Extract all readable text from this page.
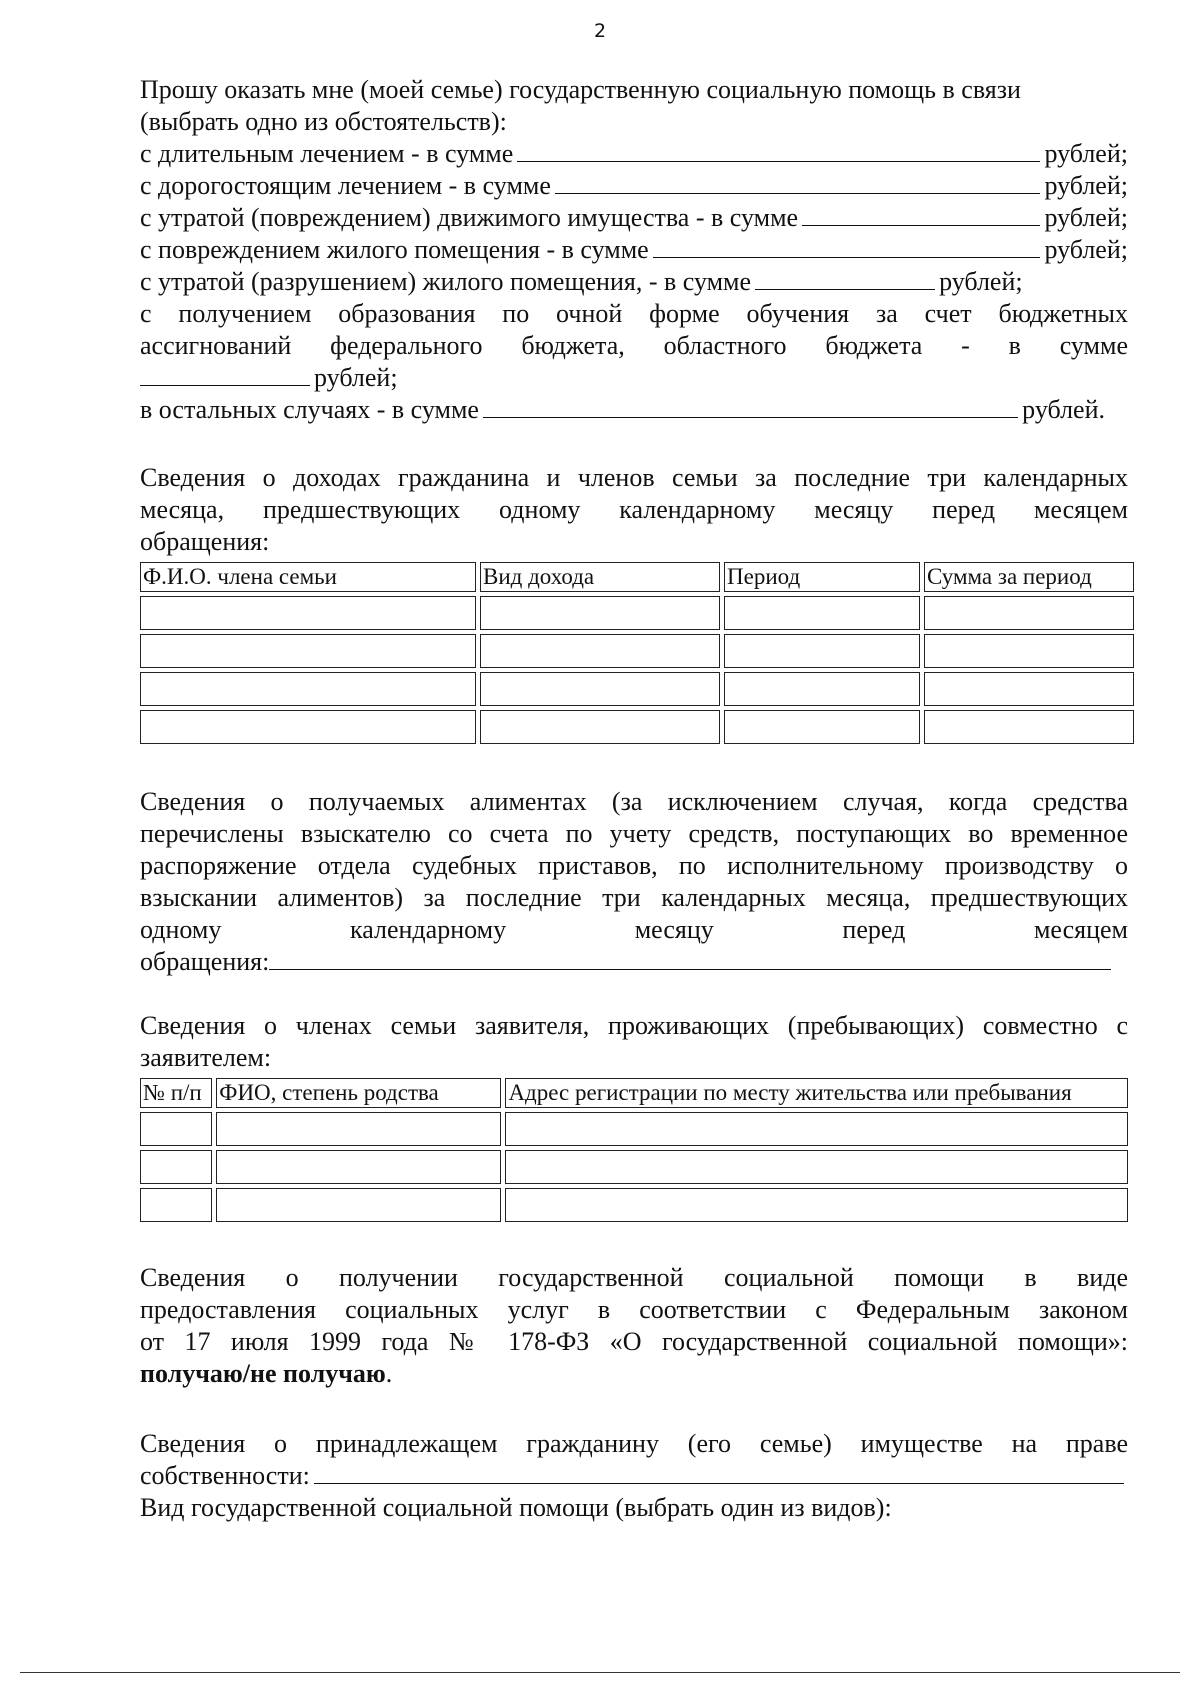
2

Прошу оказать мне (моей семье) государственную социальную помощь в связи

(выбрать одно из обстоятельств):

с длительным лечением - в сумме	рублей;
с дорогостоящим лечением - в сумме	рублей;
с утратой (повреждением) движимого имущества - в сумме	рублей;
с повреждением жилого помещения - в сумме	рублей;
с утратой (разрушением) жилого помещения, - в сумме	рублей;

с получением образования по очной форме обучения за счет бюджетных

ассигнований федерального бюджета, областного бюджета - в сумме

рублей;
в остальных случаях - в сумме	рублей.

Сведения о доходах гражданина и членов семьи за последние три календарных

месяца, предшествующих одному календарному месяцу перед месяцем

обращения:

Ф.И.О. члена семьи	Вид дохода	Период	Сумма за период

Сведения о получаемых алиментах (за исключением случая, когда средства

перечислены взыскателю со счета по учету средств, поступающих во временное

распоряжение отдела судебных приставов, по исполнительному производству о

взыскании алиментов) за последние три календарных месяца, предшествующих

одному календарному месяцу перед месяцем

обращения:

Сведения о членах семьи заявителя, проживающих (пребывающих) совместно с

заявителем:

№ п/п	ФИО, степень родства	Адрес регистрации по месту жительства или пребывания

Сведения о получении государственной социальной помощи в виде

предоставления социальных услуг в соответствии с Федеральным законом

от 17 июля 1999 года № 178-ФЗ «О государственной социальной помощи»:

получаю/не получаю.

Сведения о принадлежащем гражданину (его семье) имуществе на праве

собственности:

Вид государственной социальной помощи (выбрать один из видов):
